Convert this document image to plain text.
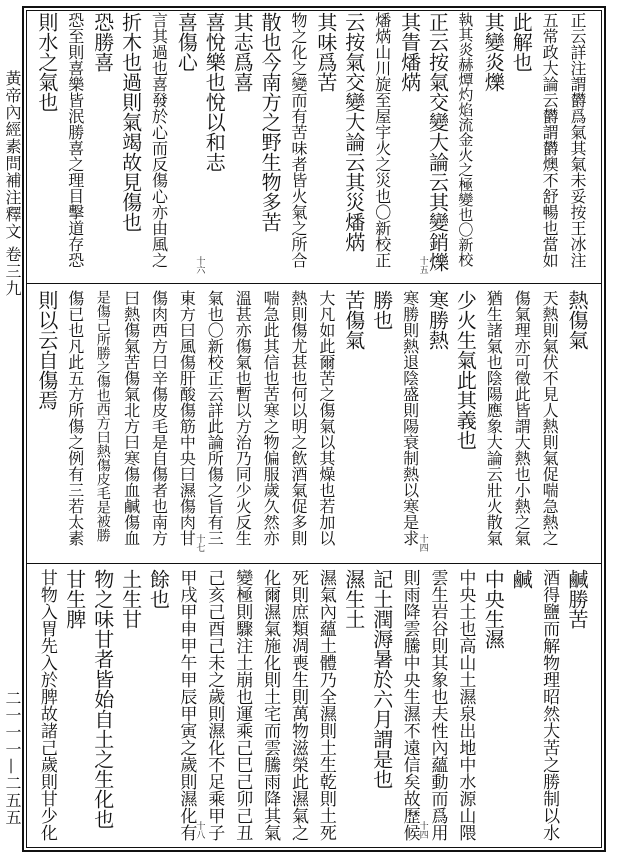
黃帝內經素問補注釋文 卷三九
二一一一—二五五
正云詳注謂欝爲氣其氣未妥按王冰注
五常政大論云欝謂欝燠不舒暢也當如
此解也
其變炎爍
執其炎赫燂灼焰流金火之極變也〇新校
正云按氣交變大論云其變銷爍
其眚燔焫
燔焫山川旋至屋宇火之災也〇新校正
云按氣交變大論云其災燔焫
其味爲苦
物之化之變而有苦味者皆火氣之所合
散也今南方之野生物多苦
其志爲喜
喜悅樂也悅以和志
喜傷心
言其過也喜發於心而反傷心亦由風之
折木也過則氣竭故見傷也
恐勝喜
恐至則喜樂皆泯勝喜之理目擊道存恐
則水之氣也
十五
十六
熱傷氣
天熱則氣伏不見人熱則氣促喘急熱之
傷氣理亦可徵此皆謂大熱也小熱之氣
猶生諸氣也陰陽應象大論云壯火散氣
少火生氣此其義也
寒勝熱
寒勝則熱退陰盛則陽衰制熱以寒是求
勝也
苦傷氣
大凡如此爾苦之傷氣以其燥也若加以
熱則傷尤甚也何以明之飲酒氣促多則
喘急此其信也苦寒之物偏服歲久然亦
溫甚亦傷氣也暫以方治乃同少火反生
氣也〇新校正云詳此論所傷之旨有三
東方曰風傷肝酸傷筋中央曰濕傷肉甘
傷肉西方曰辛傷皮毛是自傷者也南方
曰熱傷氣苦傷氣北方曰寒傷血鹹傷血
是傷己所勝之傷也西方曰熱傷皮毛是被勝
傷已也凡此五方所傷之例有三若太素
則以云自傷焉
十四
十七
鹹勝苦
酒得鹽而解物理昭然大苦之勝制以水
鹹
中央生濕
中央土也高山土濕泉出地中水源山隈
雲生岩谷則其象也夫性內蘊動而爲用
則雨降雲騰中央生濕不遠信矣故歷候
記土潤溽暑於六月謂是也
濕生土
濕氣內蘊土體乃全濕則土生乾則土死
死則庶類凋喪生則萬物滋榮此濕氣之
化爾濕氣施化則土宅而雲騰雨降其氣
變極則驟注土崩也運乘己巳己卯己丑
己亥己酉己未之歲則濕化不足乘甲子
甲戌甲申甲午甲辰甲寅之歲則濕化有
餘也
土生甘
物之味甘者皆始自土之生化也
甘生脾
甘物入胃先入於脾故諸己歲則甘少化	十四
十八
